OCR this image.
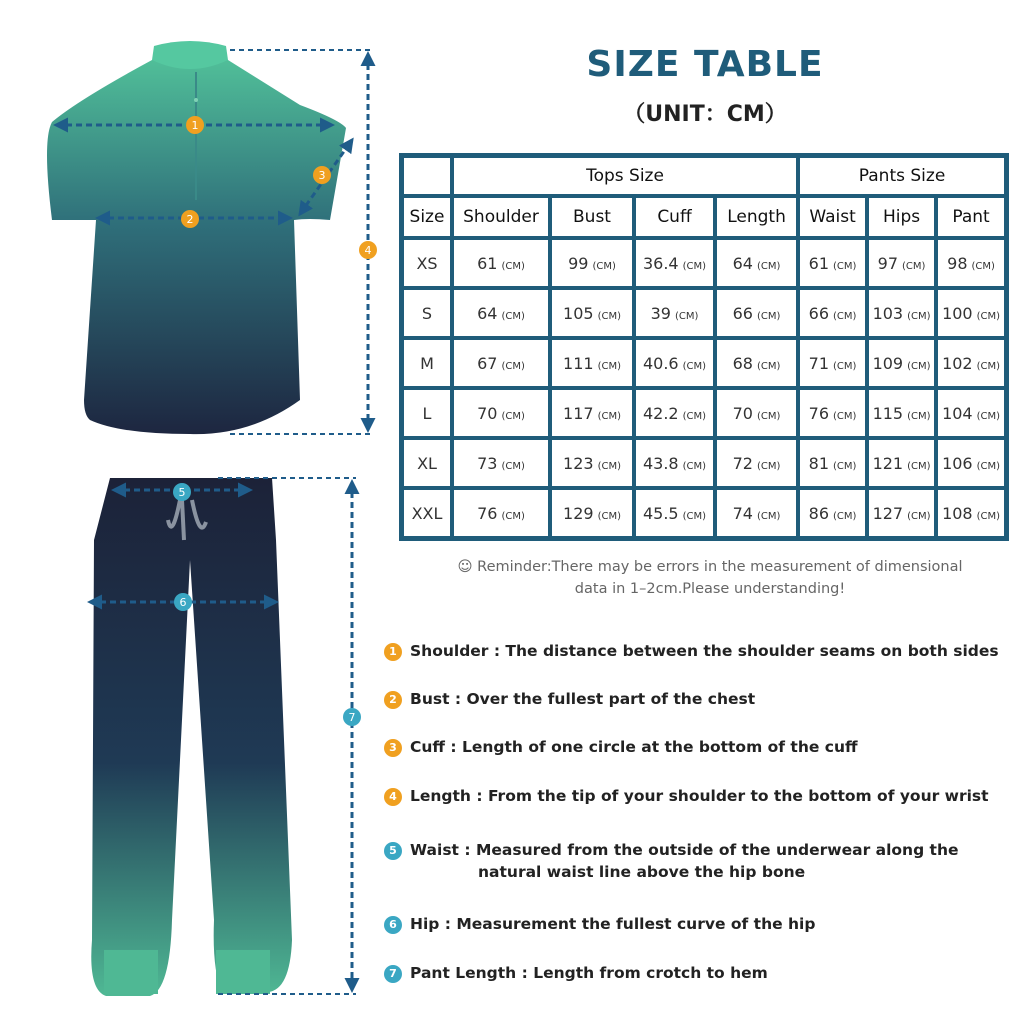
1
2
3
4
5
6
7
SIZE TABLE
（UNIT：CM）
	Tops Size				Pants Size		
Size	Shoulder	Bust	Cuff	Length	Waist	Hips	Pant
XS	61 (CM)	99 (CM)	36.4 (CM)	64 (CM)	61 (CM)	97 (CM)	98 (CM)
S	64 (CM)	105 (CM)	39 (CM)	66 (CM)	66 (CM)	103 (CM)	100 (CM)
M	67 (CM)	111 (CM)	40.6 (CM)	68 (CM)	71 (CM)	109 (CM)	102 (CM)
L	70 (CM)	117 (CM)	42.2 (CM)	70 (CM)	76 (CM)	115 (CM)	104 (CM)
XL	73 (CM)	123 (CM)	43.8 (CM)	72 (CM)	81 (CM)	121 (CM)	106 (CM)
XXL	76 (CM)	129 (CM)	45.5 (CM)	74 (CM)	86 (CM)	127 (CM)	108 (CM)
☺ Reminder:There may be errors in the measurement of dimensional
data in 1–2cm.Please understanding!
1 Shoulder : The distance between the shoulder seams on both sides
2 Bust : Over the fullest part of the chest
3 Cuff : Length of one circle at the bottom of the cuff
4 Length : From the tip of your shoulder to the bottom of your wrist
5 Waist : Measured from the outside of the underwear along the
natural waist line above the hip bone
6 Hip : Measurement the fullest curve of the hip
7 Pant Length : Length from crotch to hem
